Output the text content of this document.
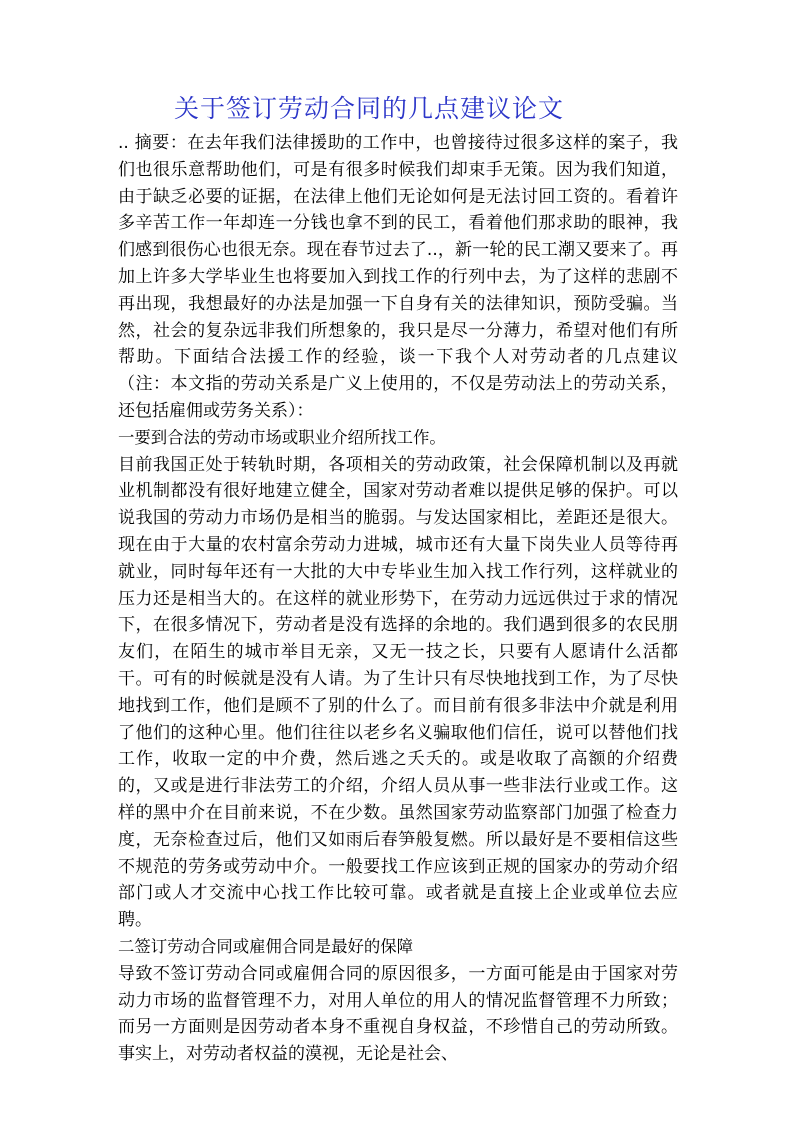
关于签订劳动合同的几点建议论文

.. 摘要：在去年我们法律援助的工作中，也曾接待过很多这样的案子，我们也很乐意帮助他们，可是有很多时候我们却束手无策。因为我们知道，由于缺乏必要的证据，在法律上他们无论如何是无法讨回工资的。看着许多辛苦工作一年却连一分钱也拿不到的民工，看着他们那求助的眼神，我们感到很伤心也很无奈。现在春节过去了..，新一轮的民工潮又要来了。再加上许多大学毕业生也将要加入到找工作的行列中去，为了这样的悲剧不再出现，我想最好的办法是加强一下自身有关的法律知识，预防受骗。当然，社会的复杂远非我们所想象的，我只是尽一分薄力，希望对他们有所帮助。下面结合法援工作的经验，谈一下我个人对劳动者的几点建议（注：本文指的劳动关系是广义上使用的，不仅是劳动法上的劳动关系，还包括雇佣或劳务关系）：

一要到合法的劳动市场或职业介绍所找工作。

目前我国正处于转轨时期，各项相关的劳动政策，社会保障机制以及再就业机制都没有很好地建立健全，国家对劳动者难以提供足够的保护。可以说我国的劳动力市场仍是相当的脆弱。与发达国家相比，差距还是很大。现在由于大量的农村富余劳动力进城，城市还有大量下岗失业人员等待再就业，同时每年还有一大批的大中专毕业生加入找工作行列，这样就业的压力还是相当大的。在这样的就业形势下，在劳动力远远供过于求的情况下，在很多情况下，劳动者是没有选择的余地的。我们遇到很多的农民朋友们，在陌生的城市举目无亲，又无一技之长，只要有人愿请什么活都干。可有的时候就是没有人请。为了生计只有尽快地找到工作，为了尽快地找到工作，他们是顾不了别的什么了。而目前有很多非法中介就是利用了他们的这种心里。他们往往以老乡名义骗取他们信任，说可以替他们找工作，收取一定的中介费，然后逃之夭夭的。或是收取了高额的介绍费的，又或是进行非法劳工的介绍，介绍人员从事一些非法行业或工作。这样的黑中介在目前来说，不在少数。虽然国家劳动监察部门加强了检查力度，无奈检查过后，他们又如雨后春笋般复燃。所以最好是不要相信这些不规范的劳务或劳动中介。一般要找工作应该到正规的国家办的劳动介绍部门或人才交流中心找工作比较可靠。或者就是直接上企业或单位去应聘。

二签订劳动合同或雇佣合同是最好的保障

导致不签订劳动合同或雇佣合同的原因很多，一方面可能是由于国家对劳动力市场的监督管理不力，对用人单位的用人的情况监督管理不力所致；而另一方面则是因劳动者本身不重视自身权益，不珍惜自己的劳动所致。事实上，对劳动者权益的漠视，无论是社会、
